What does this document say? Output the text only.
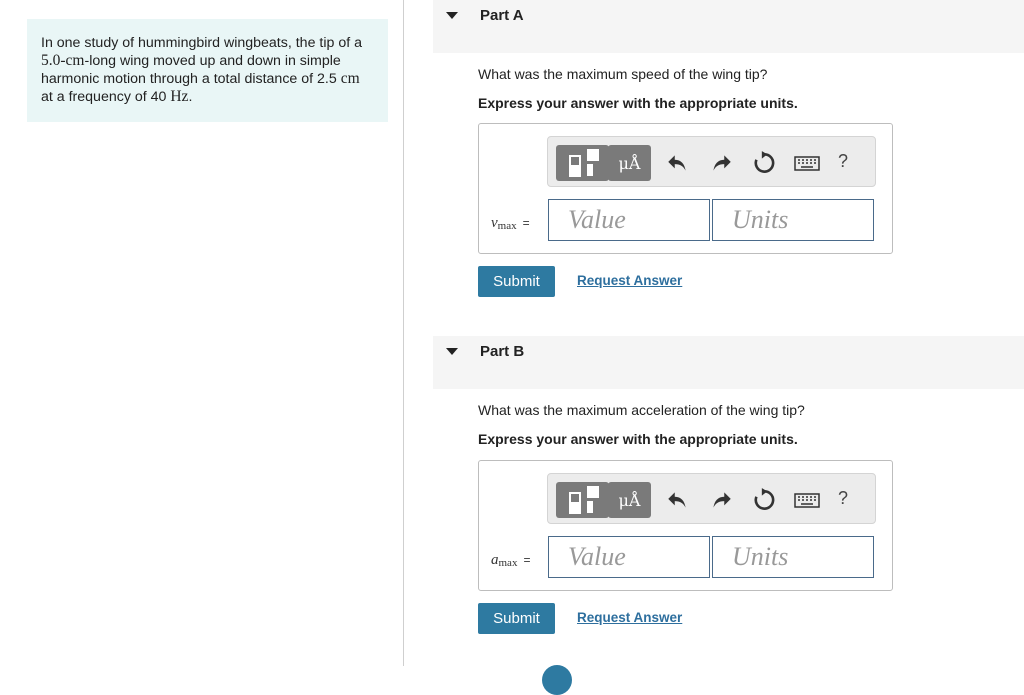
In one study of hummingbird wingbeats, the tip of a 5.0-cm-long wing moved up and down in simple harmonic motion through a total distance of 2.5 cm at a frequency of 40 Hz.
Part A
What was the maximum speed of the wing tip?
Express your answer with the appropriate units.
μÅ	?
vmax =	Value	Units
Submit	Request Answer
Part B
What was the maximum acceleration of the wing tip?
Express your answer with the appropriate units.
μÅ	?
amax =	Value	Units
Submit	Request Answer
